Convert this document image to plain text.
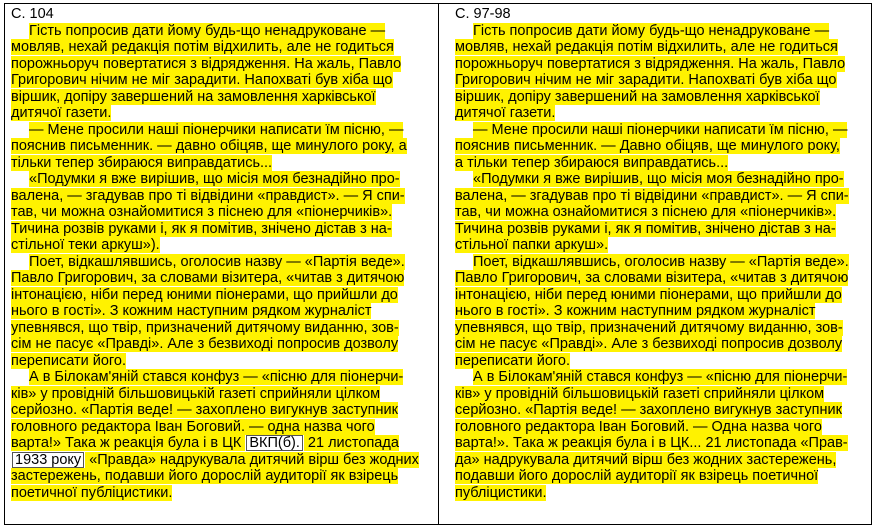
С. 104
Гість попросив дати йому будь-що ненадруковане —
мовляв, нехай редакція потім відхилить, але не годиться
порожньоруч повертатися з відрядження. На жаль, Павло
Григорович нічим не міг зарадити. Напохваті був хіба що
віршик, допіру завершений на замовлення харківської
дитячої газети.
— Мене просили наші піонерчики написати їм пісню, —
пояснив письменник. — давно обіцяв, ще минулого року, а
тільки тепер збираюся виправдатись...
«Подумки я вже вирішив, що місія моя безнадійно про-
валена, — згадував про ті відвідини «правдист». — Я спи-
тав, чи можна ознайомитися з піснею для «піонерчиків».
Тичина розвів руками і, як я помітив, знічено дістав з на-
стільної теки аркуш»).
Поет, відкашлявшись, оголосив назву — «Партія веде».
Павло Григорович, за словами візитера, «читав з дитячою
інтонацією, ніби перед юними піонерами, що прийшли до
нього в гості». З кожним наступним рядком журналіст
упевнявся, що твір, призначений дитячому виданню, зов-
сім не пасує «Правді». Але з безвиході попросив дозволу
переписати його.
А в Білокам'яній стався конфуз — «пісню для піонерчи-
ків» у провідній більшовицькій газеті сприйняли цілком
серйозно. «Партія веде! — захоплено вигукнув заступник
головного редактора Іван Боговий. — одна назва чого
варта!» Така ж реакція була і в ЦК ВКП(б). 21 листопада
1933 року «Правда» надрукувала дитячий вірш без жодних
застережень, подавши його дорослій аудиторії як взірець
поетичної публіцистики.
С. 97-98
Гість попросив дати йому будь-що ненадруковане —
мовляв, нехай редакція потім відхилить, але не годиться
порожньоруч повертатися з відрядження. На жаль, Павло
Григорович нічим не міг зарадити. Напохваті був хіба що
віршик, допіру завершений на замовлення харківської
дитячої газети.
— Мене просили наші піонерчики написати їм пісню, —
пояснив письменник. — Давно обіцяв, ще минулого року,
а тільки тепер збираюся виправдатись...
«Подумки я вже вирішив, що місія моя безнадійно про-
валена, — згадував про ті відвідини «правдист». — Я спи-
тав, чи можна ознайомитися з піснею для «піонерчиків».
Тичина розвів руками і, як я помітив, знічено дістав з на-
стільної папки аркуш».
Поет, відкашлявшись, оголосив назву — «Партія веде».
Павло Григорович, за словами візитера, «читав з дитячою
інтонацією, ніби перед юними піонерами, що прийшли до
нього в гості». З кожним наступним рядком журналіст
упевнявся, що твір, призначений дитячому виданню, зов-
сім не пасує «Правді». Але з безвиході попросив дозволу
переписати його.
А в Білокам'яній стався конфуз — «пісню для піонерчи-
ків» у провідній більшовицькій газеті сприйняли цілком
серйозно. «Партія веде! — захоплено вигукнув заступник
головного редактора Іван Боговий. — Одна назва чого
варта!». Така ж реакція була і в ЦК... 21 листопада «Прав-
да» надрукувала дитячий вірш без жодних застережень,
подавши його дорослій аудиторії як взірець поетичної
публіцистики.
